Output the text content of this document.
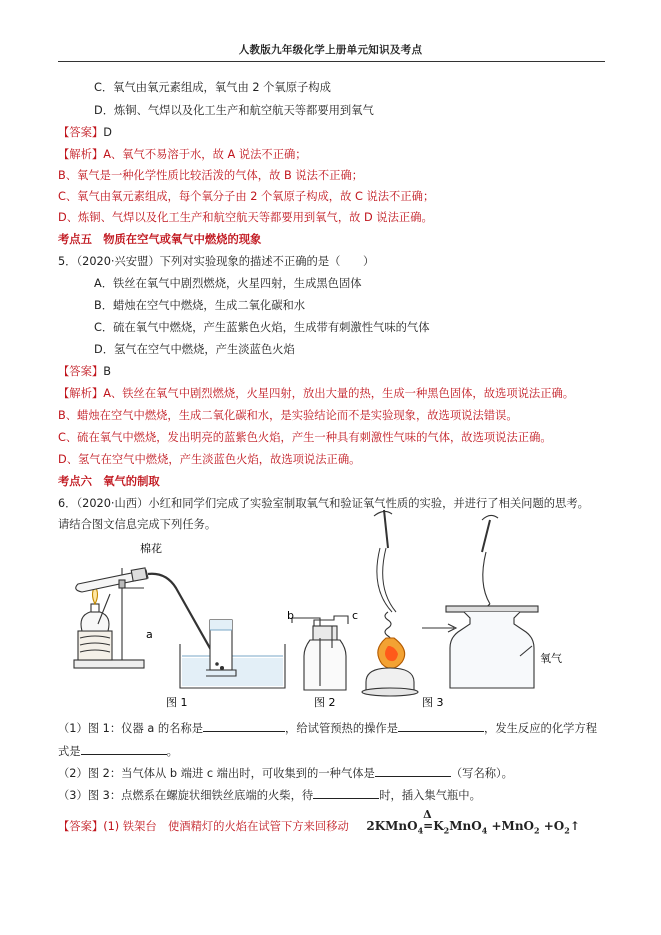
人教版九年级化学上册单元知识及考点
C．氧气由氧元素组成，氧气由 2 个氧原子构成
D．炼铜、气焊以及化工生产和航空航天等都要用到氧气
【答案】D
【解析】A、氧气不易溶于水，故 A 说法不正确；
B、氧气是一种化学性质比较活泼的气体，故 B 说法不正确；
C、氧气由氧元素组成，每个氧分子由 2 个氧原子构成，故 C 说法不正确；
D、炼铜、气焊以及化工生产和航空航天等都要用到氧气，故 D 说法正确。
考点五　物质在空气或氧气中燃烧的现象
5．（2020·兴安盟）下列对实验现象的描述不正确的是（　　）
A．铁丝在氧气中剧烈燃烧，火星四射，生成黑色固体
B．蜡烛在空气中燃烧，生成二氧化碳和水
C．硫在氧气中燃烧，产生蓝紫色火焰，生成带有刺激性气味的气体
D．氢气在空气中燃烧，产生淡蓝色火焰
【答案】B
【解析】A、铁丝在氧气中剧烈燃烧，火星四射，放出大量的热，生成一种黑色固体，故选项说法正确。
B、蜡烛在空气中燃烧，生成二氧化碳和水，是实验结论而不是实验现象，故选项说法错误。
C、硫在氧气中燃烧，发出明亮的蓝紫色火焰，产生一种具有刺激性气味的气体，故选项说法正确。
D、氢气在空气中燃烧，产生淡蓝色火焰，故选项说法正确。
考点六　氧气的制取
6．（2020·山西）小红和同学们完成了实验室制取氧气和验证氧气性质的实验，并进行了相关问题的思考。
请结合图文信息完成下列任务。
棉花
a
b	c
氧气
图 1	图 2	图 3
（1）图 1：仪器 a 的名称是	，给试管预热的操作是	，发生反应的化学方程
式是	。
（2）图 2：当气体从 b 端进 c 端出时，可收集到的一种气体是	（写名称）。
（3）图 3：点燃系在螺旋状细铁丝底端的火柴，待	时，插入集气瓶中。
【答案】(1) 铁架台　使酒精灯的火焰在试管下方来回移动 2KMnO$_4$
Δ
$=K_2MnO_4 +MnO_2$ $+O_2↑$
